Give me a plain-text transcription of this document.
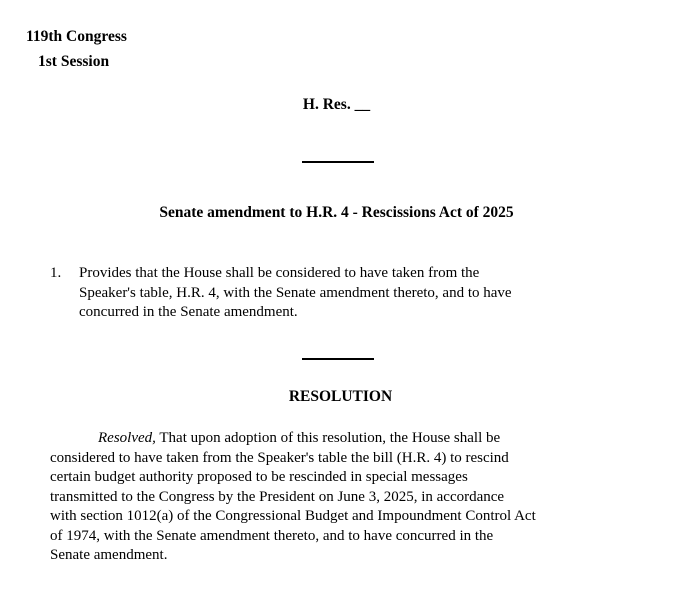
119th Congress
1st Session
H. Res. __
Senate amendment to H.R. 4 - Rescissions Act of 2025
1. Provides that the House shall be considered to have taken from the
Speaker's table, H.R. 4, with the Senate amendment thereto, and to have
concurred in the Senate amendment.
RESOLUTION
Resolved, That upon adoption of this resolution, the House shall be
considered to have taken from the Speaker's table the bill (H.R. 4) to rescind
certain budget authority proposed to be rescinded in special messages
transmitted to the Congress by the President on June 3, 2025, in accordance
with section 1012(a) of the Congressional Budget and Impoundment Control Act
of 1974, with the Senate amendment thereto, and to have concurred in the
Senate amendment.
